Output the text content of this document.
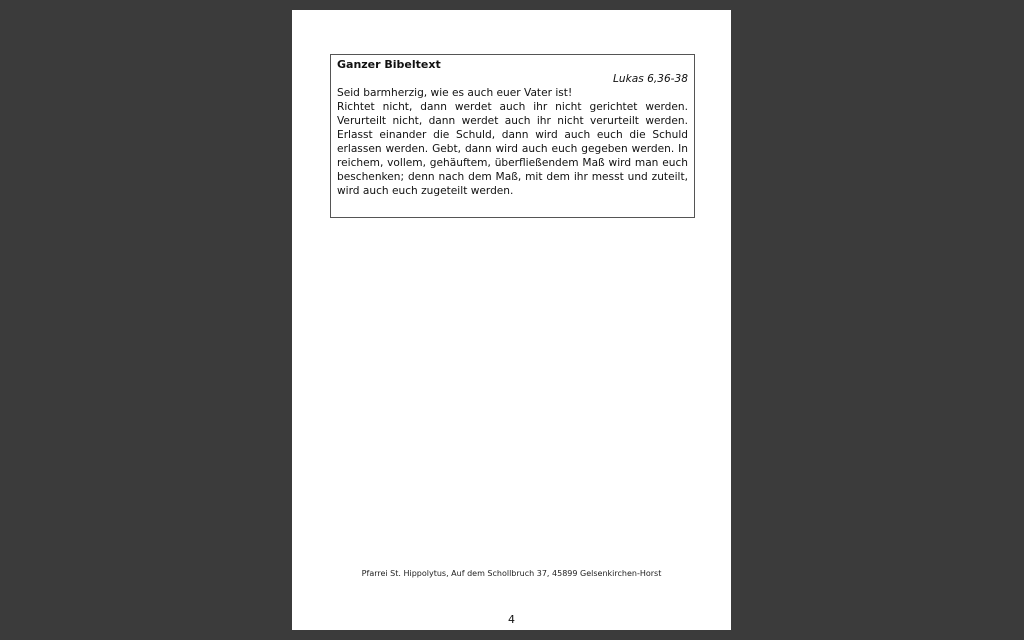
Ganzer Bibeltext

Lukas 6,36-38

Seid barmherzig, wie es auch euer Vater ist!

Richtet nicht, dann werdet auch ihr nicht gerichtet werden. Verurteilt nicht, dann werdet auch ihr nicht verurteilt werden. Erlasst einander die Schuld, dann wird auch euch die Schuld erlassen werden. Gebt, dann wird auch euch gegeben werden. In reichem, vollem, gehäuftem, überfließendem Maß wird man euch beschenken; denn nach dem Maß, mit dem ihr messt und zuteilt, wird auch euch zugeteilt werden.

Pfarrei St. Hippolytus, Auf dem Schollbruch 37, 45899 Gelsenkirchen-Horst
4
